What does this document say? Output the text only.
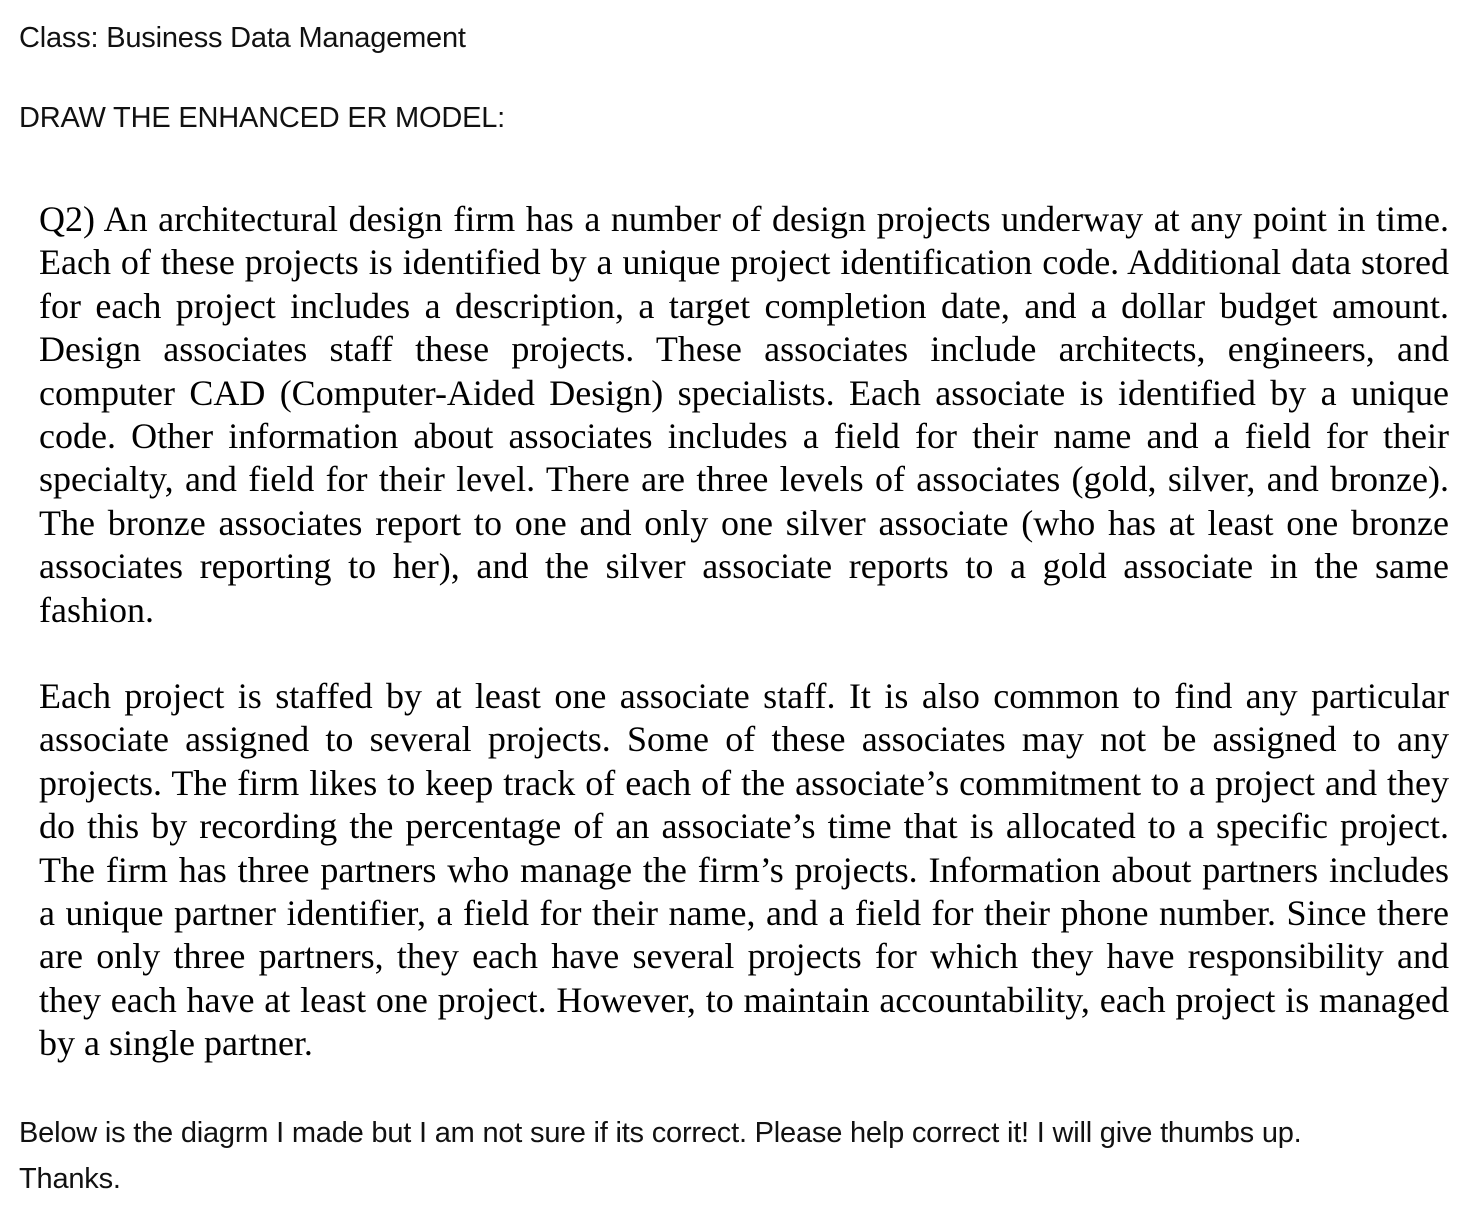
Class: Business Data Management

DRAW THE ENHANCED ER MODEL:

Q2) An architectural design firm has a number of design projects underway at any point in time. Each of these projects is identified by a unique project identification code. Additional data stored for each project includes a description, a target completion date, and a dollar budget amount. Design associates staff these projects. These associates include architects, engineers, and computer CAD (Computer-Aided Design) specialists. Each associate is identified by a unique code. Other information about associates includes a field for their name and a field for their specialty, and field for their level. There are three levels of associates (gold, silver, and bronze). The bronze associates report to one and only one silver associate (who has at least one bronze associates reporting to her), and the silver associate reports to a gold associate in the same fashion.

Each project is staffed by at least one associate staff. It is also common to find any particular associate assigned to several projects. Some of these associates may not be assigned to any projects. The firm likes to keep track of each of the associate’s commitment to a project and they do this by recording the percentage of an associate’s time that is allocated to a specific project. The firm has three partners who manage the firm’s projects. Information about partners includes a unique partner identifier, a field for their name, and a field for their phone number. Since there are only three partners, they each have several projects for which they have responsibility and they each have at least one project. However, to maintain accountability, each project is managed by a single partner.

Below is the diagrm I made but I am not sure if its correct. Please help correct it! I will give thumbs up.
Thanks.
